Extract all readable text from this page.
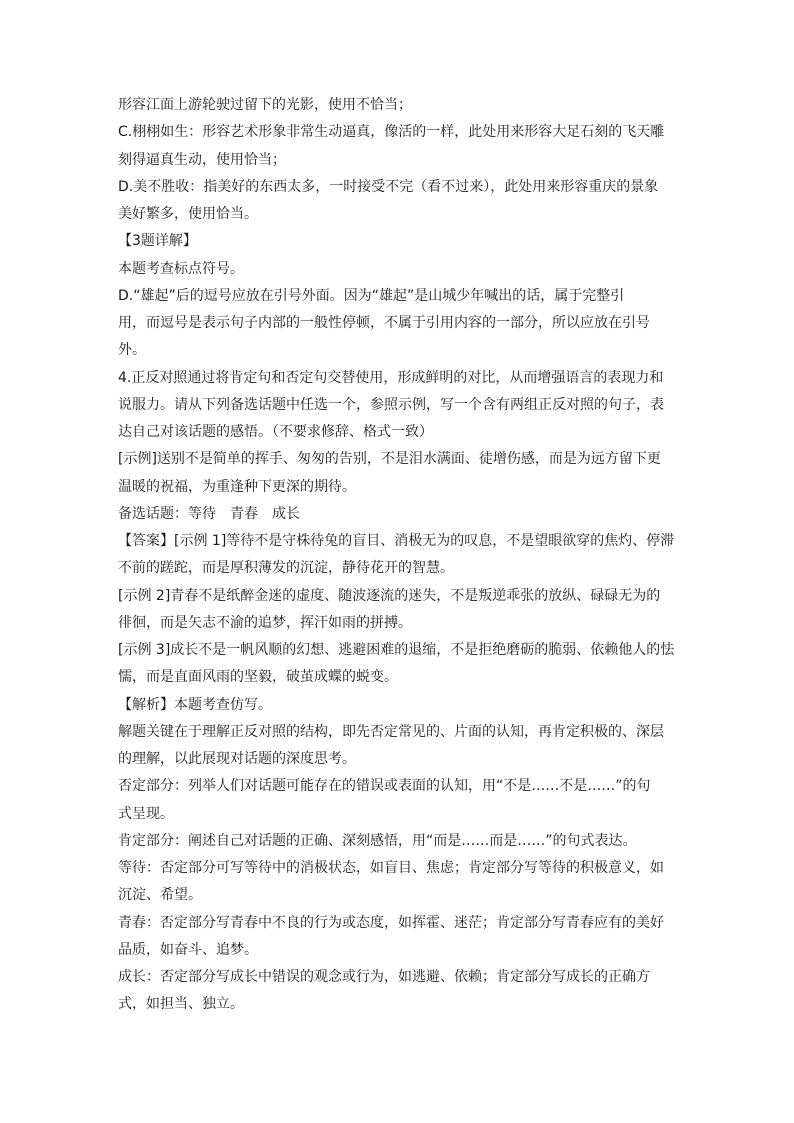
形容江面上游轮驶过留下的光影，使用不恰当；
C.栩栩如生：形容艺术形象非常生动逼真，像活的一样，此处用来形容大足石刻的飞天雕
刻得逼真生动，使用恰当；
D.美不胜收：指美好的东西太多，一时接受不完（看不过来），此处用来形容重庆的景象
美好繁多，使用恰当。
【3题详解】
本题考查标点符号。
D.“雄起”后的逗号应放在引号外面。因为“雄起”是山城少年喊出的话，属于完整引
用，而逗号是表示句子内部的一般性停顿，不属于引用内容的一部分，所以应放在引号
外。
4.正反对照通过将肯定句和否定句交替使用，形成鲜明的对比，从而增强语言的表现力和
说服力。请从下列备选话题中任选一个，参照示例，写一个含有两组正反对照的句子，表
达自己对该话题的感悟。（不要求修辞、格式一致）
[示例]送别不是简单的挥手、匆匆的告别，不是泪水满面、徒增伤感，而是为远方留下更
温暖的祝福，为重逢种下更深的期待。
备选话题：等待　青春　成长
【答案】[示例 1]等待不是守株待兔的盲目、消极无为的叹息，不是望眼欲穿的焦灼、停滞
不前的蹉跎，而是厚积薄发的沉淀，静待花开的智慧。
[示例 2]青春不是纸醉金迷的虚度、随波逐流的迷失，不是叛逆乖张的放纵、碌碌无为的
徘徊，而是矢志不渝的追梦，挥汗如雨的拼搏。
[示例 3]成长不是一帆风顺的幻想、逃避困难的退缩，不是拒绝磨砺的脆弱、依赖他人的怯
懦，而是直面风雨的坚毅，破茧成蝶的蜕变。
【解析】本题考查仿写。
解题关键在于理解正反对照的结构，即先否定常见的、片面的认知，再肯定积极的、深层
的理解，以此展现对话题的深度思考。
否定部分：列举人们对话题可能存在的错误或表面的认知，用“不是……不是……”的句
式呈现。
肯定部分：阐述自己对话题的正确、深刻感悟，用“而是……而是……”的句式表达。
等待：否定部分可写等待中的消极状态，如盲目、焦虑；肯定部分写等待的积极意义，如
沉淀、希望。
青春：否定部分写青春中不良的行为或态度，如挥霍、迷茫；肯定部分写青春应有的美好
品质，如奋斗、追梦。
成长：否定部分写成长中错误的观念或行为，如逃避、依赖；肯定部分写成长的正确方
式，如担当、独立。
